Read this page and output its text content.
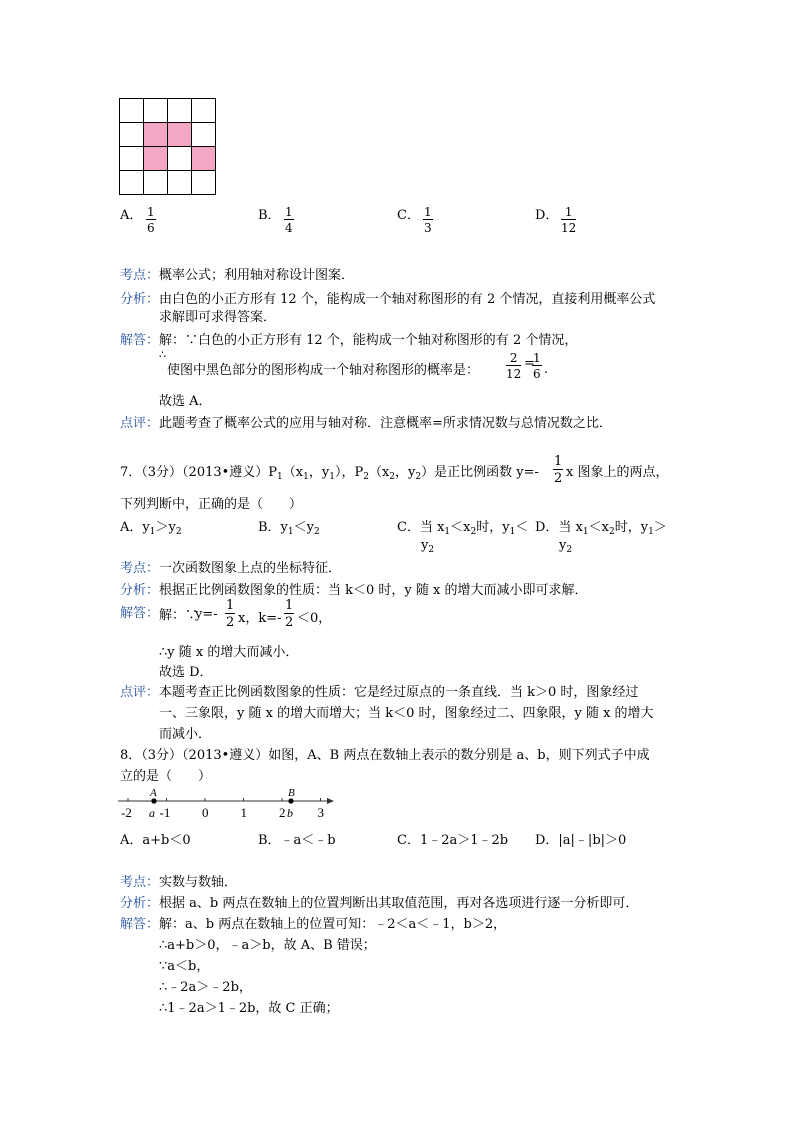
A． $\frac{1}{6}$	B． $\frac{1}{4}$	C． $\frac{1}{3}$	D． $\frac{1}{12}$
考点： 概率公式；利用轴对称设计图案．
分析： 由白色的小正方形有 12 个，能构成一个轴对称图形的有 2 个情况，直接利用概率公式
求解即可求得答案．
解答： 解：∵白色的小正方形有 12 个，能构成一个轴对称图形的有 2 个情况，
∴
使图中黑色部分的图形构成一个轴对称图形的概率是： $\frac{2}{12}$ =
$\frac{1}{6}$ .
故选 A．
点评： 此题考查了概率公式的应用与轴对称．注意概率=所求情况数与总情况数之比．
7．（3分）（2013•遵义）$P_1(x_1$，$y_1$），$P_2(x_2$，$y_2$）是正比例函数 $y=- \frac{1}{2}$ x 图象上的两点，
下列判断中，正确的是（　　）
A．$y_1>y_2$	B．$y_1<y_2$	C．当 $x_1<x_2$时，$y_1<$
$y_2$
D．当 $x_1<x_2$时，$y_1>$
$y_2$
考点： 一次函数图象上点的坐标特征．
分析： 根据正比例函数图象的性质：当 k＜0 时，y 随 x 的增大而减小即可求解．
解答： 解：∵
$y=- \frac{1}{2}$ x，$k=- \frac{1}{2} <0$，
∴y 随 x 的增大而减小．
故选 D．
点评： 本题考查正比例函数图象的性质：它是经过原点的一条直线．当 k＞0 时，图象经过
一、三象限，y 随 x 的增大而增大；当 k＜0 时，图象经过二、四象限，y 随 x 的增大
而减小．
8．（3分）（2013•遵义）如图，A、B 两点在数轴上表示的数分别是 a、b，则下列式子中成
立的是（　　）
-2 -1 0 1 2 3
A	B
a	b
A．a+b＜0	B．﹣a＜﹣b	C．1﹣2a＞1﹣2b D．|a|﹣|b|＞0
考点： 实数与数轴．
分析： 根据 a、b 两点在数轴上的位置判断出其取值范围，再对各选项进行逐一分析即可．
解答： 解：a、b 两点在数轴上的位置可知：﹣2＜a＜﹣1，b＞2，
∴a+b＞0，﹣a＞b，故 A、B 错误；
∵a＜b，
∴﹣2a＞﹣2b，
∴1﹣2a＞1﹣2b，故 C 正确；
